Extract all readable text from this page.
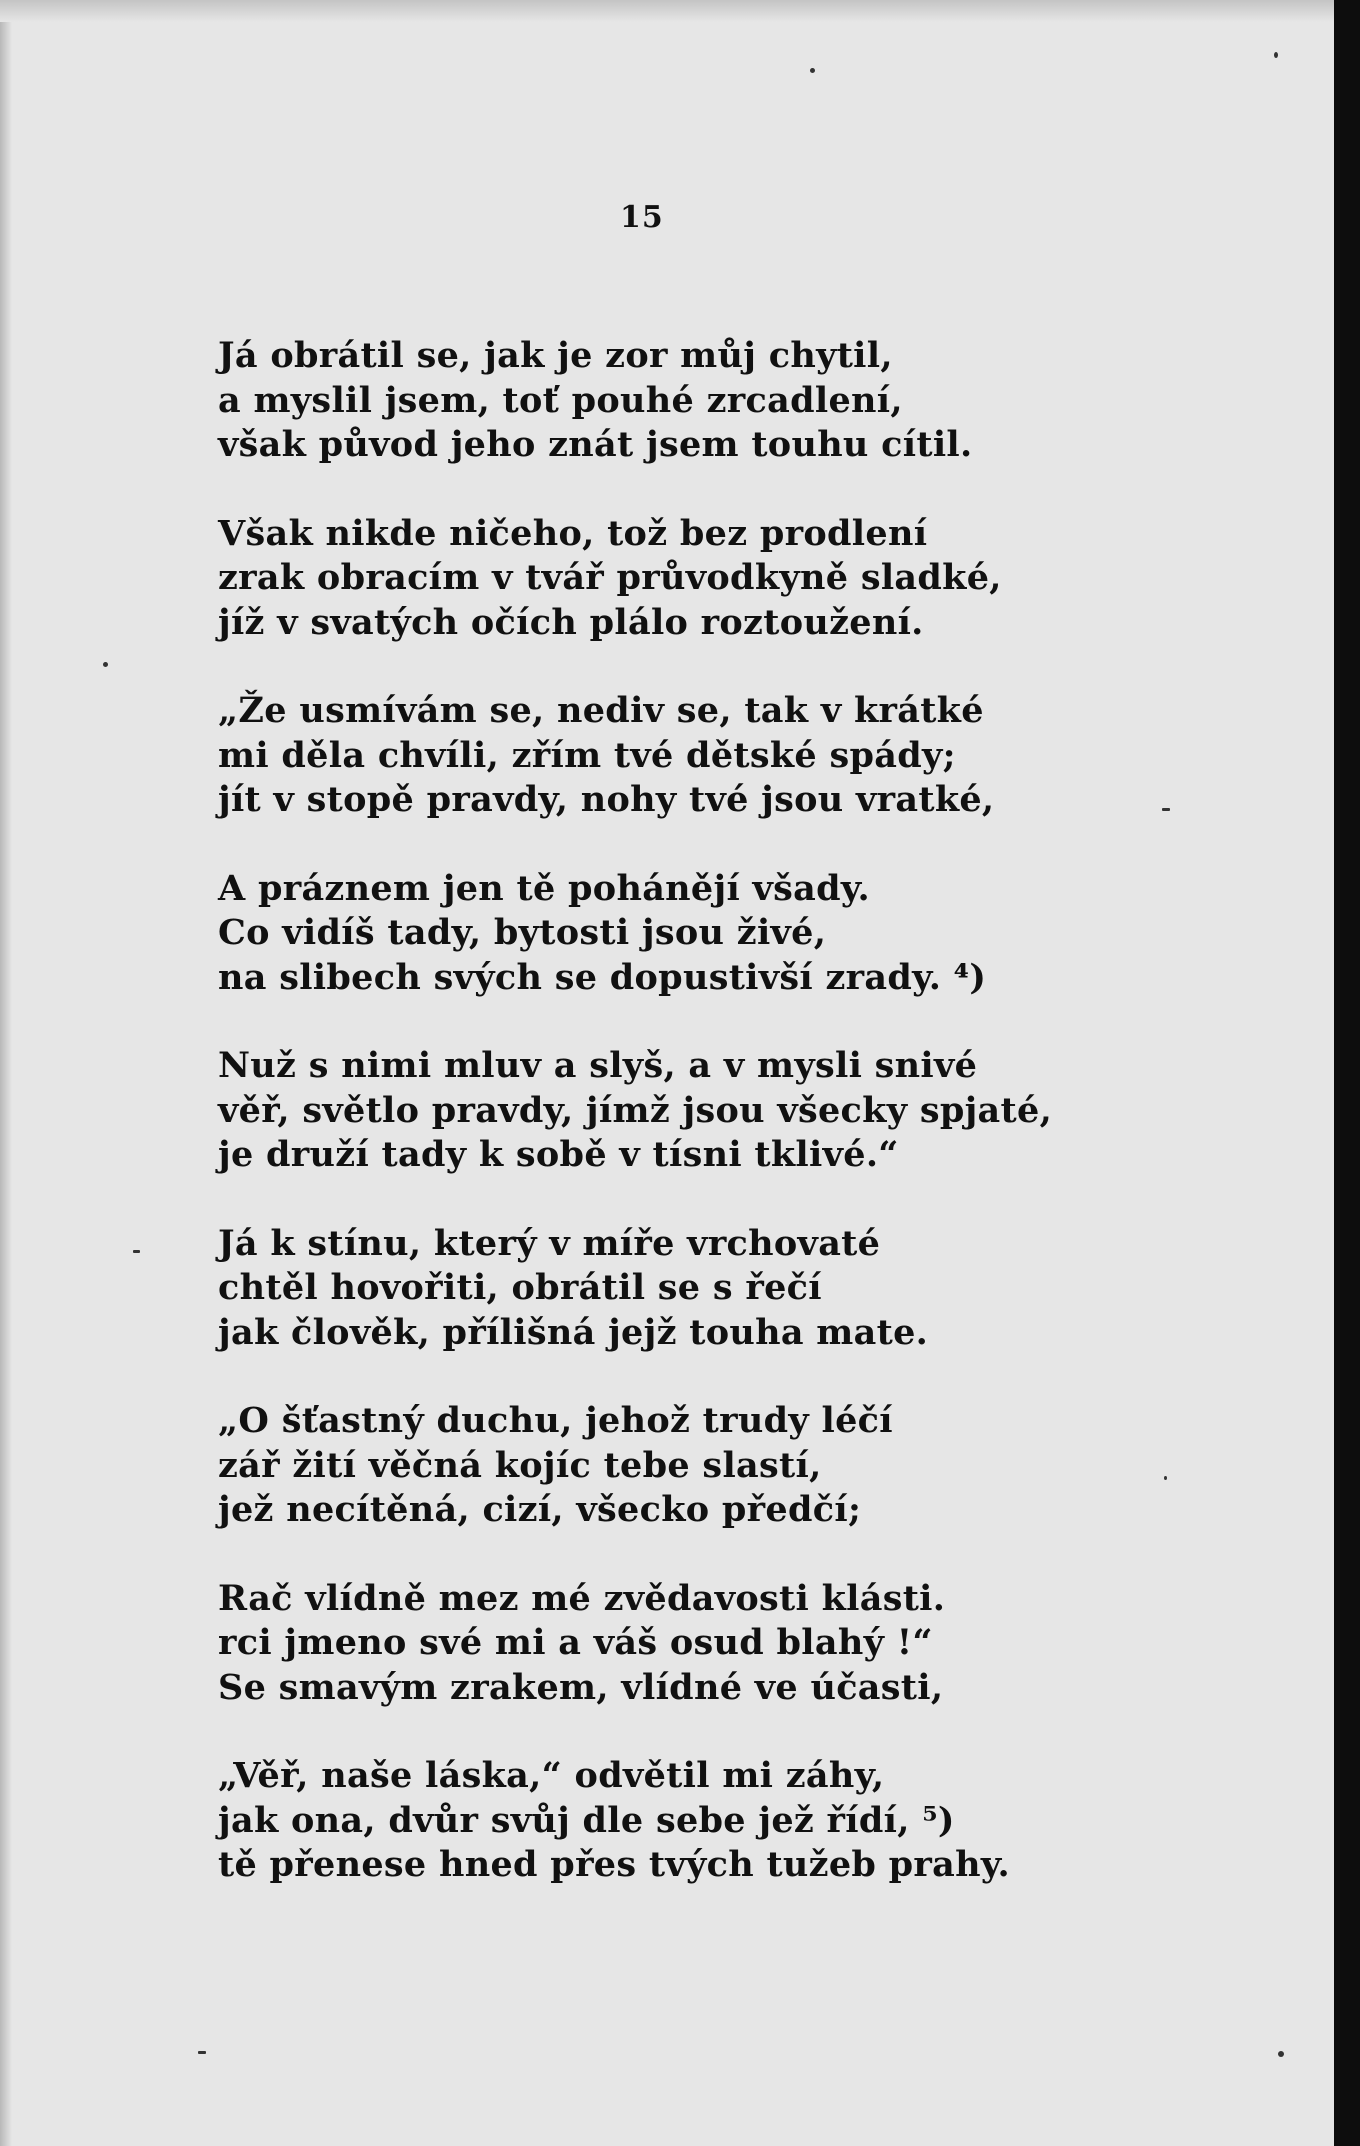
15
Já obrátil se, jak je zor můj chytil,
a myslil jsem, toť pouhé zrcadlení,
však původ jeho znát jsem touhu cítil.
Však nikde ničeho, tož bez prodlení
zrak obracím v tvář průvodkyně sladké,
jíž v svatých očích plálo roztoužení.
„Že usmívám se, nediv se, tak v krátké
mi děla chvíli, zřím tvé dětské spády;
jít v stopě pravdy, nohy tvé jsou vratké,
A práznem jen tě pohánějí všady.
Co vidíš tady, bytosti jsou živé,
na slibech svých se dopustivší zrady. ⁴)
Nuž s nimi mluv a slyš, a v mysli snivé
věř, světlo pravdy, jímž jsou všecky spjaté,
je druží tady k sobě v tísni tklivé.“
Já k stínu, který v míře vrchovaté
chtěl hovořiti, obrátil se s řečí
jak člověk, přílišná jejž touha mate.
„O šťastný duchu, jehož trudy léčí
zář žití věčná kojíc tebe slastí,
jež necítěná, cizí, všecko předčí;
Rač vlídně mez mé zvědavosti klásti.
rci jmeno své mi a váš osud blahý !“
Se smavým zrakem, vlídné ve účasti,
„Věř, naše láska,“ odvětil mi záhy,
jak ona, dvůr svůj dle sebe jež řídí, ⁵)
tě přenese hned přes tvých tužeb prahy.
